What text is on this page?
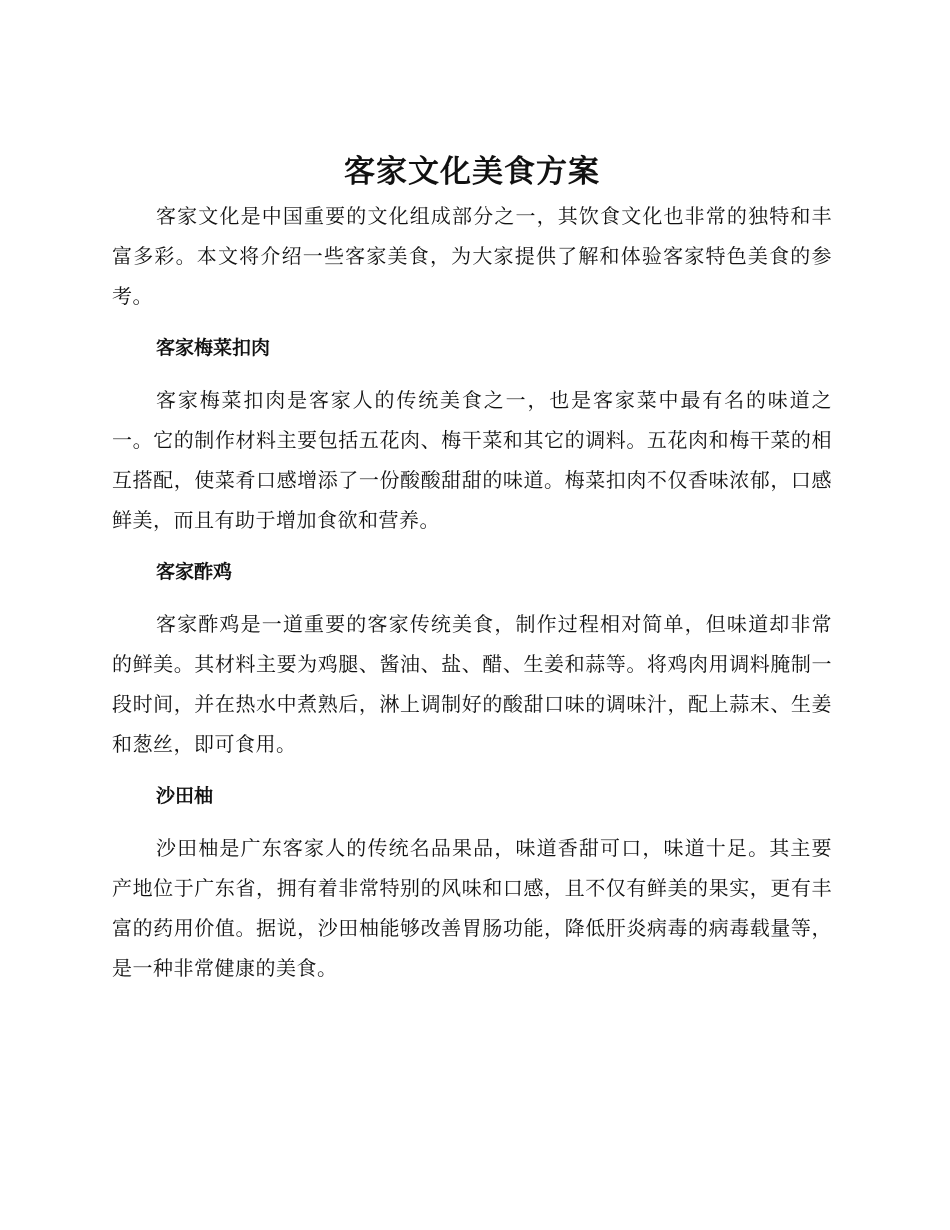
客家文化美食方案

客家文化是中国重要的文化组成部分之一，其饮食文化也非常的独特和丰富多彩。本文将介绍一些客家美食，为大家提供了解和体验客家特色美食的参考。

客家梅菜扣肉

客家梅菜扣肉是客家人的传统美食之一，也是客家菜中最有名的味道之一。它的制作材料主要包括五花肉、梅干菜和其它的调料。五花肉和梅干菜的相互搭配，使菜肴口感增添了一份酸酸甜甜的味道。梅菜扣肉不仅香味浓郁，口感鲜美，而且有助于增加食欲和营养。

客家酢鸡

客家酢鸡是一道重要的客家传统美食，制作过程相对简单，但味道却非常的鲜美。其材料主要为鸡腿、酱油、盐、醋、生姜和蒜等。将鸡肉用调料腌制一段时间，并在热水中煮熟后，淋上调制好的酸甜口味的调味汁，配上蒜末、生姜和葱丝，即可食用。

沙田柚

沙田柚是广东客家人的传统名品果品，味道香甜可口，味道十足。其主要产地位于广东省，拥有着非常特别的风味和口感，且不仅有鲜美的果实，更有丰富的药用价值。据说，沙田柚能够改善胃肠功能，降低肝炎病毒的病毒载量等，是一种非常健康的美食。
